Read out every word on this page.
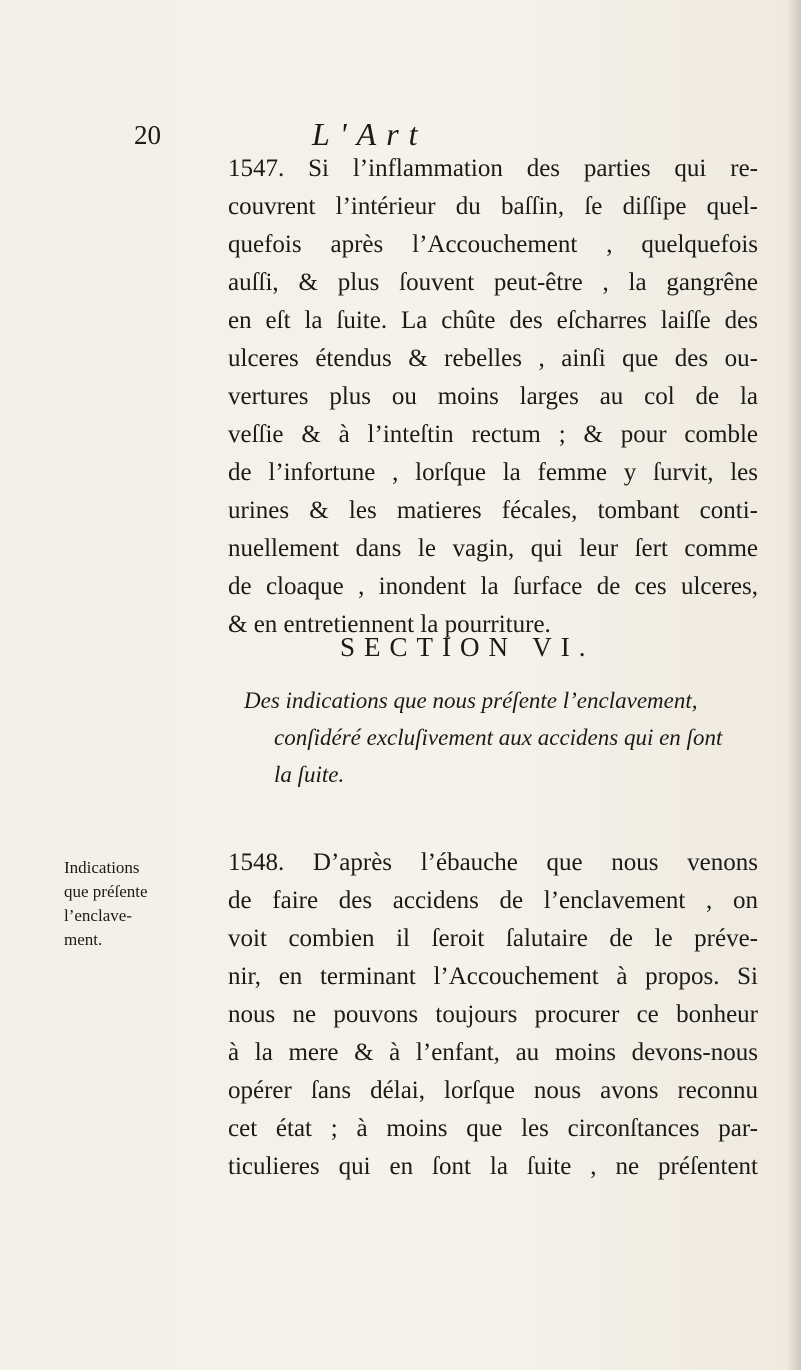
20	L'Art
1547. Si l’inflammation des parties qui re-
couvrent l’intérieur du baſſin, ſe diſſipe quel-
quefois après l’Accouchement , quelquefois
auſſi, & plus ſouvent peut-être , la gangrêne
en eſt la ſuite. La chûte des eſcharres laiſſe des
ulceres étendus & rebelles , ainſi que des ou-
vertures plus ou moins larges au col de la
veſſie & à l’inteſtin rectum ; & pour comble
de l’infortune , lorſque la femme y ſurvit, les
urines & les matieres fécales, tombant conti-
nuellement dans le vagin, qui leur ſert comme
de cloaque , inondent la ſurface de ces ulceres,
& en entretiennent la pourriture.
SECTION VI.
Des indications que nous préſente l’enclavement,
conſidéré excluſivement aux accidens qui en ſont
la ſuite.
Indications
que préſente
l’enclave-
ment.
1548. D’après l’ébauche que nous venons
de faire des accidens de l’enclavement , on
voit combien il ſeroit ſalutaire de le préve-
nir, en terminant l’Accouchement à propos. Si
nous ne pouvons toujours procurer ce bonheur
à la mere & à l’enfant, au moins devons-nous
opérer ſans délai, lorſque nous avons reconnu
cet état ; à moins que les circonſtances par-
ticulieres qui en ſont la ſuite , ne préſentent
